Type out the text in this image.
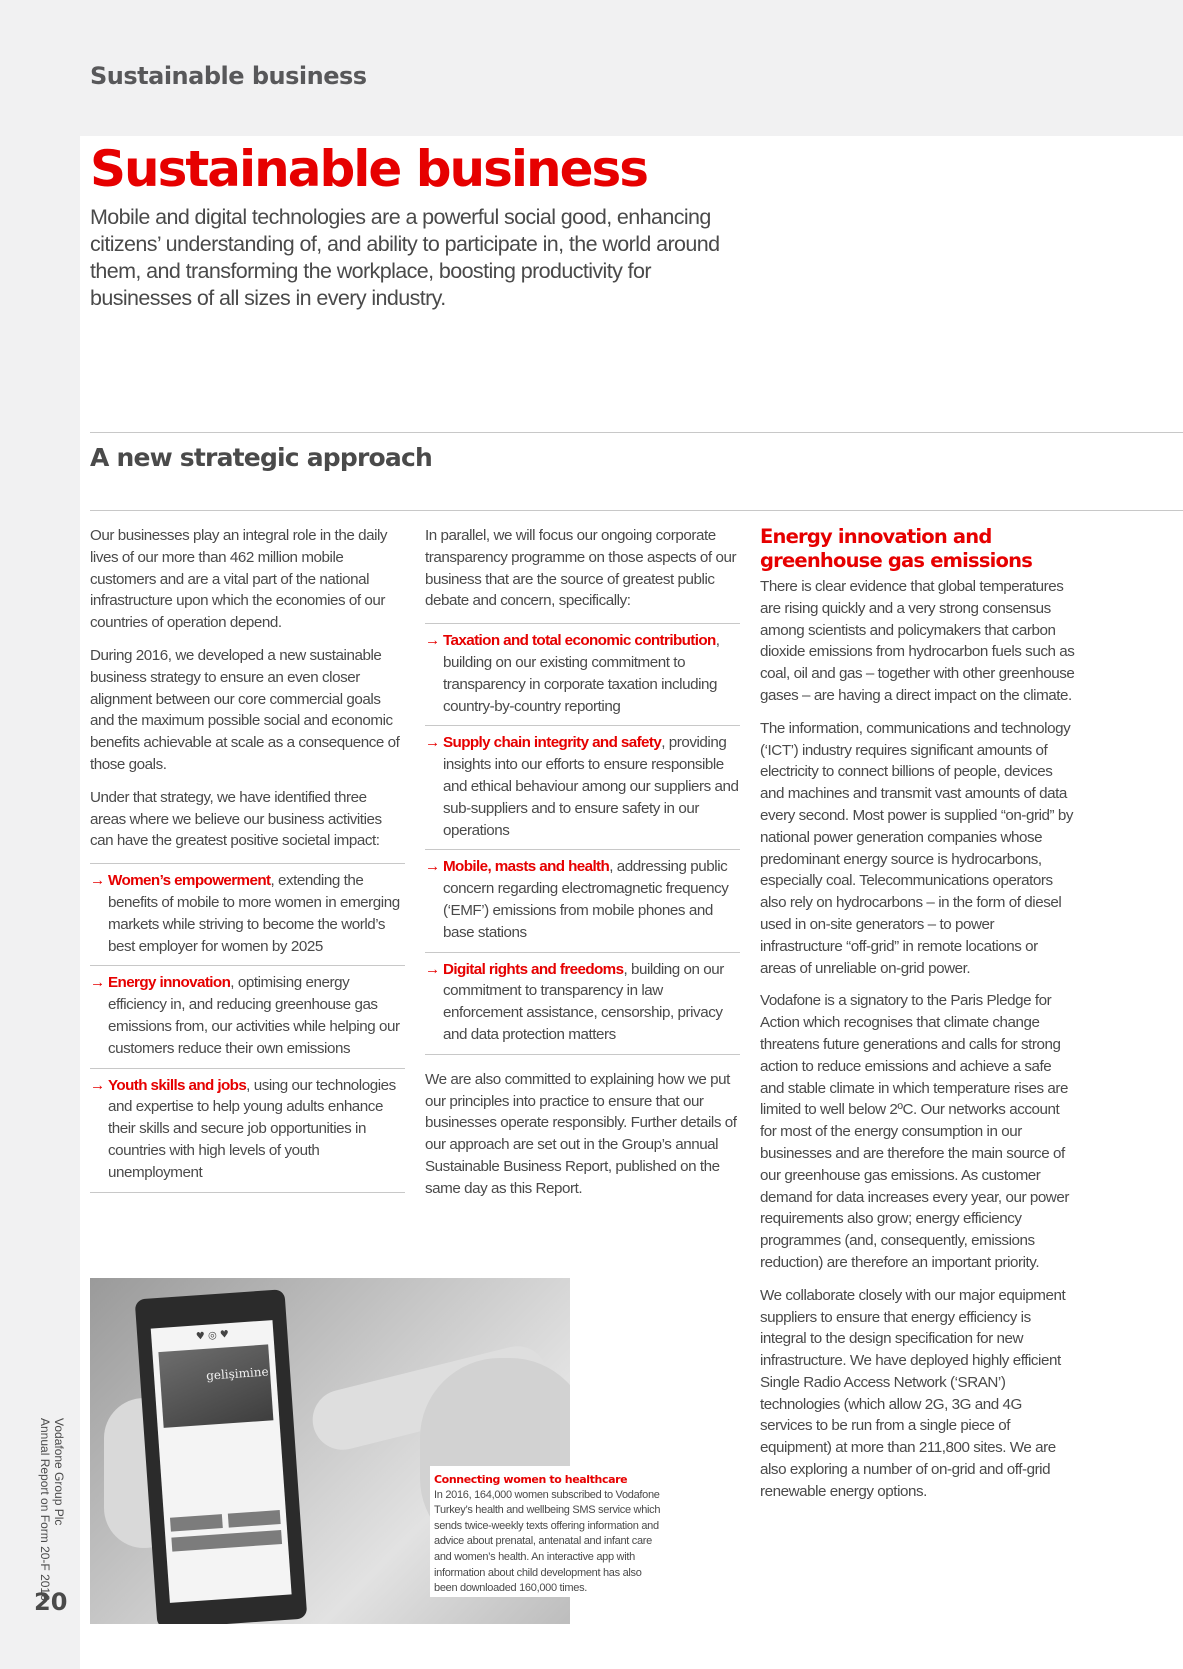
Sustainable business
Sustainable business

Mobile and digital technologies are a powerful social good, enhancing citizens’ understanding of, and ability to participate in, the world around them, and transforming the workplace, boosting productivity for businesses of all sizes in every industry.

A new strategic approach

Our businesses play an integral role in the daily lives of our more than 462 million mobile customers and are a vital part of the national infrastructure upon which the economies of our countries of operation depend.

During 2016, we developed a new sustainable business strategy to ensure an even closer alignment between our core commercial goals and the maximum possible social and economic benefits achievable at scale as a consequence of those goals.

Under that strategy, we have identified three areas where we believe our business activities can have the greatest positive societal impact:

→ Women’s empowerment, extending the benefits of mobile to more women in emerging markets while striving to become the world’s best employer for women by 2025
→ Energy innovation, optimising energy efficiency in, and reducing greenhouse gas emissions from, our activities while helping our customers reduce their own emissions
→ Youth skills and jobs, using our technologies and expertise to help young adults enhance their skills and secure job opportunities in countries with high levels of youth unemployment

In parallel, we will focus our ongoing corporate transparency programme on those aspects of our business that are the source of greatest public debate and concern, specifically:

→ Taxation and total economic contribution, building on our existing commitment to transparency in corporate taxation including country-by-country reporting
→ Supply chain integrity and safety, providing insights into our efforts to ensure responsible and ethical behaviour among our suppliers and sub-suppliers and to ensure safety in our operations
→ Mobile, masts and health, addressing public concern regarding electromagnetic frequency (‘EMF’) emissions from mobile phones and base stations
→ Digital rights and freedoms, building on our commitment to transparency in law enforcement assistance, censorship, privacy and data protection matters

We are also committed to explaining how we put our principles into practice to ensure that our businesses operate responsibly. Further details of our approach are set out in the Group’s annual Sustainable Business Report, published on the same day as this Report.

Energy innovation and greenhouse gas emissions

There is clear evidence that global temperatures are rising quickly and a very strong consensus among scientists and policymakers that carbon dioxide emissions from hydrocarbon fuels such as coal, oil and gas – together with other greenhouse gases – are having a direct impact on the climate.

The information, communications and technology (‘ICT’) industry requires significant amounts of electricity to connect billions of people, devices and machines and transmit vast amounts of data every second. Most power is supplied “on-grid” by national power generation companies whose predominant energy source is hydrocarbons, especially coal. Telecommunications operators also rely on hydrocarbons – in the form of diesel used in on-site generators – to power infrastructure “off-grid” in remote locations or areas of unreliable on-grid power.

Vodafone is a signatory to the Paris Pledge for Action which recognises that climate change threatens future generations and calls for strong action to reduce emissions and achieve a safe and stable climate in which temperature rises are limited to well below 2ºC. Our networks account for most of the energy consumption in our businesses and are therefore the main source of our greenhouse gas emissions. As customer demand for data increases every year, our power requirements also grow; energy efficiency programmes (and, consequently, emissions reduction) are therefore an important priority.

We collaborate closely with our major equipment suppliers to ensure that energy efficiency is integral to the design specification for new infrastructure. We have deployed highly efficient Single Radio Access Network (‘SRAN’) technologies (which allow 2G, 3G and 4G services to be run from a single piece of equipment) at more than 211,800 sites. We are also exploring a number of on-grid and off-grid renewable energy options.

♥ ◎ ♥
gelişimine

Connecting women to healthcare

In 2016, 164,000 women subscribed to Vodafone Turkey’s health and wellbeing SMS service which sends twice-weekly texts offering information and advice about prenatal, antenatal and infant care and women’s health. An interactive app with information about child development has also been downloaded 160,000 times.

Vodafone Group Plc
Annual Report on Form 20-F 2016
20
